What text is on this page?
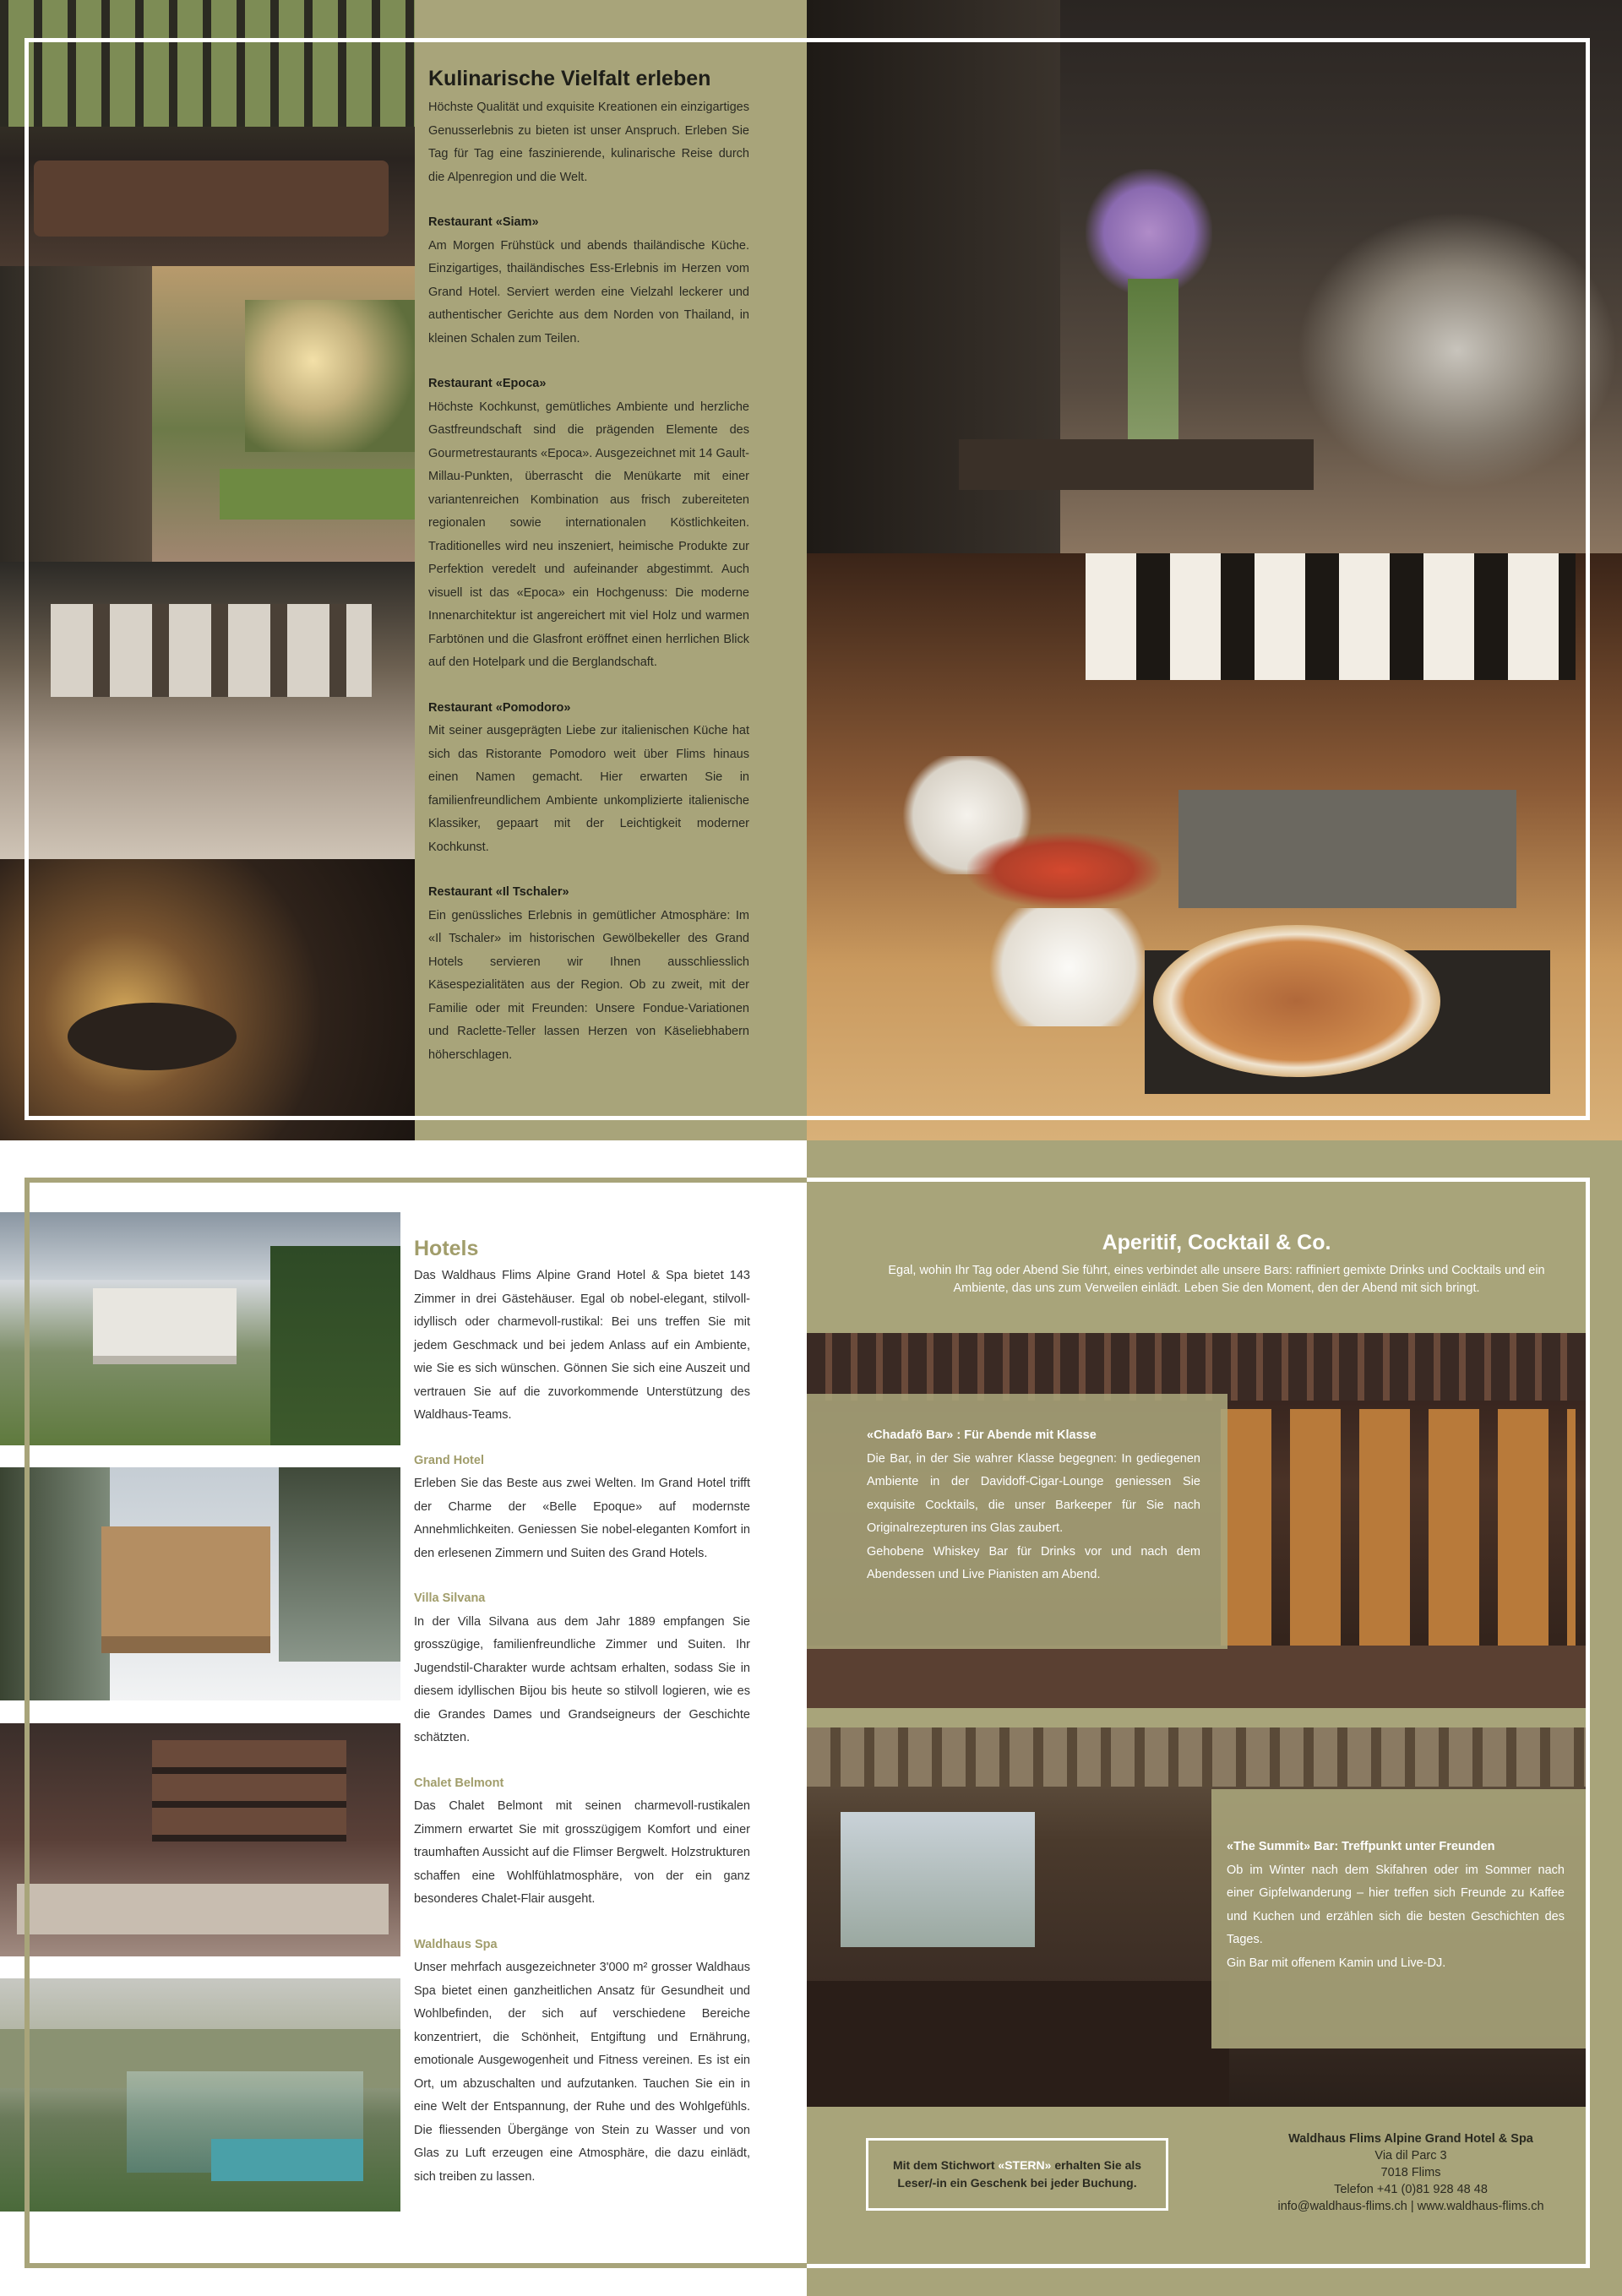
Kulinarische Vielfalt erleben

Höchste Qualität und exquisite Kreationen ein einzigartiges Genusserlebnis zu bieten ist unser Anspruch. Erleben Sie Tag für Tag eine faszinierende, kulinarische Reise durch die Alpenregion und die Welt.

Restaurant «Siam»

Am Morgen Frühstück und abends thailändische Küche. Einzigartiges, thailändisches Ess-Erlebnis im Herzen vom Grand Hotel. Serviert werden eine Vielzahl leckerer und authentischer Gerichte aus dem Norden von Thailand, in kleinen Schalen zum Teilen.

Restaurant «Epoca»

Höchste Kochkunst, gemütliches Ambiente und herzliche Gastfreundschaft sind die prägenden Elemente des Gourmetrestaurants «Epoca». Ausgezeichnet mit 14 Gault-Millau-Punkten, überrascht die Menükarte mit einer variantenreichen Kombination aus frisch zubereiteten regionalen sowie internationalen Köstlichkeiten. Traditionelles wird neu inszeniert, heimische Produkte zur Perfektion veredelt und aufeinander abgestimmt. Auch visuell ist das «Epoca» ein Hochgenuss: Die moderne Innenarchitektur ist angereichert mit viel Holz und warmen Farbtönen und die Glasfront eröffnet einen herrlichen Blick auf den Hotelpark und die Berglandschaft.

Restaurant «Pomodoro»

Mit seiner ausgeprägten Liebe zur italienischen Küche hat sich das Ristorante Pomodoro weit über Flims hinaus einen Namen gemacht. Hier erwarten Sie in familienfreundlichem Ambiente unkomplizierte italienische Klassiker, gepaart mit der Leichtigkeit moderner Kochkunst.

Restaurant «Il Tschaler»

Ein genüssliches Erlebnis in gemütlicher Atmosphäre: Im «Il Tschaler» im historischen Gewölbekeller des Grand Hotels servieren wir Ihnen ausschliesslich Käsespezialitäten aus der Region. Ob zu zweit, mit der Familie oder mit Freunden: Unsere Fondue-Variationen und Raclette-Teller lassen Herzen von Käseliebhabern höherschlagen.

Hotels

Das Waldhaus Flims Alpine Grand Hotel & Spa bietet 143 Zimmer in drei Gästehäuser. Egal ob nobel-elegant, stilvoll-idyllisch oder charmevoll-rustikal: Bei uns treffen Sie mit jedem Geschmack und bei jedem Anlass auf ein Ambiente, wie Sie es sich wünschen. Gönnen Sie sich eine Auszeit und vertrauen Sie auf die zuvorkommende Unterstützung des Waldhaus-Teams.

Grand Hotel

Erleben Sie das Beste aus zwei Welten. Im Grand Hotel trifft der Charme der «Belle Epoque» auf modernste Annehmlichkeiten. Geniessen Sie nobel-eleganten Komfort in den erlesenen Zimmern und Suiten des Grand Hotels.

Villa Silvana

In der Villa Silvana aus dem Jahr 1889 empfangen Sie grosszügige, familienfreundliche Zimmer und Suiten. Ihr Jugendstil-Charakter wurde achtsam erhalten, sodass Sie in diesem idyllischen Bijou bis heute so stilvoll logieren, wie es die Grandes Dames und Grandseigneurs der Geschichte schätzten.

Chalet Belmont

Das Chalet Belmont mit seinen charmevoll-rustikalen Zimmern erwartet Sie mit grosszügigem Komfort und einer traumhaften Aussicht auf die Flimser Bergwelt. Holzstrukturen schaffen eine Wohlfühlatmosphäre, von der ein ganz besonderes Chalet-Flair ausgeht.

Waldhaus Spa

Unser mehrfach ausgezeichneter 3'000 m² grosser Waldhaus Spa bietet einen ganzheitlichen Ansatz für Gesundheit und Wohlbefinden, der sich auf verschiedene Bereiche konzentriert, die Schönheit, Entgiftung und Ernährung, emotionale Ausgewogenheit und Fitness vereinen. Es ist ein Ort, um abzuschalten und aufzutanken. Tauchen Sie ein in eine Welt der Entspannung, der Ruhe und des Wohlgefühls. Die fliessenden Übergänge von Stein zu Wasser und von Glas zu Luft erzeugen eine Atmosphäre, die dazu einlädt, sich treiben zu lassen.

Aperitif, Cocktail & Co.
Egal, wohin Ihr Tag oder Abend Sie führt, eines verbindet alle unsere Bars: raffiniert gemixte Drinks und Cocktails und ein Ambiente, das uns zum Verweilen einlädt. Leben Sie den Moment, den der Abend mit sich bringt.
«Chadafö Bar» : Für Abende mit Klasse

Die Bar, in der Sie wahrer Klasse begegnen: In gediegenen Ambiente in der Davidoff-Cigar-Lounge geniessen Sie exquisite Cocktails, die unser Barkeeper für Sie nach Originalrezepturen ins Glas zaubert.

Gehobene Whiskey Bar für Drinks vor und nach dem Abendessen und Live Pianisten am Abend.

«The Summit» Bar: Treffpunkt unter Freunden

Ob im Winter nach dem Skifahren oder im Sommer nach einer Gipfelwanderung – hier treffen sich Freunde zu Kaffee und Kuchen und erzählen sich die besten Geschichten des Tages.

Gin Bar mit offenem Kamin und Live-DJ.

Mit dem Stichwort «STERN» erhalten Sie als Leser/-in ein Geschenk bei jeder Buchung.
Waldhaus Flims Alpine Grand Hotel & Spa
Via dil Parc 3
7018 Flims
Telefon +41 (0)81 928 48 48
info@waldhaus-flims.ch | www.waldhaus-flims.ch
